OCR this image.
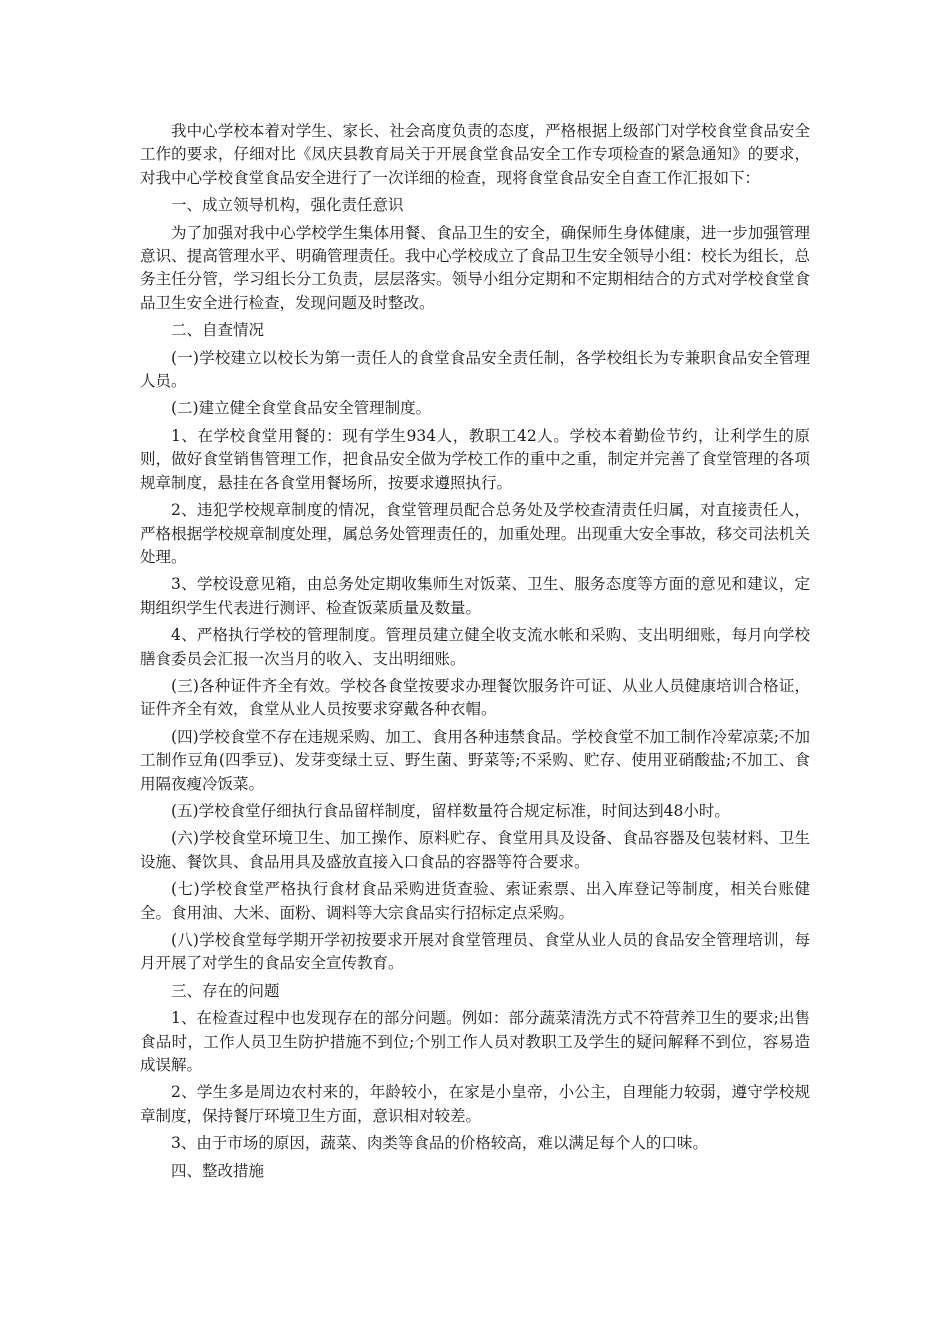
我中心学校本着对学生、家长、社会高度负责的态度，严格根据上级部门对学校食堂食品安全工作的要求，仔细对比《凤庆县教育局关于开展食堂食品安全工作专项检查的紧急通知》的要求，对我中心学校食堂食品安全进行了一次详细的检查，现将食堂食品安全自查工作汇报如下：

一、成立领导机构，强化责任意识

为了加强对我中心学校学生集体用餐、食品卫生的安全，确保师生身体健康，进一步加强管理意识、提高管理水平、明确管理责任。我中心学校成立了食品卫生安全领导小组：校长为组长，总务主任分管，学习组长分工负责，层层落实。领导小组分定期和不定期相结合的方式对学校食堂食品卫生安全进行检查，发现问题及时整改。

二、自查情况

(一)学校建立以校长为第一责任人的食堂食品安全责任制，各学校组长为专兼职食品安全管理人员。

(二)建立健全食堂食品安全管理制度。

1、在学校食堂用餐的：现有学生934人，教职工42人。学校本着勤俭节约，让利学生的原则，做好食堂销售管理工作，把食品安全做为学校工作的重中之重，制定并完善了食堂管理的各项规章制度，悬挂在各食堂用餐场所，按要求遵照执行。

2、违犯学校规章制度的情况，食堂管理员配合总务处及学校查清责任归属，对直接责任人，严格根据学校规章制度处理，属总务处管理责任的，加重处理。出现重大安全事故，移交司法机关处理。

3、学校设意见箱，由总务处定期收集师生对饭菜、卫生、服务态度等方面的意见和建议，定期组织学生代表进行测评、检查饭菜质量及数量。

4、严格执行学校的管理制度。管理员建立健全收支流水帐和采购、支出明细账，每月向学校膳食委员会汇报一次当月的收入、支出明细账。

(三)各种证件齐全有效。学校各食堂按要求办理餐饮服务许可证、从业人员健康培训合格证，证件齐全有效，食堂从业人员按要求穿戴各种衣帽。

(四)学校食堂不存在违规采购、加工、食用各种违禁食品。学校食堂不加工制作冷荤凉菜;不加工制作豆角(四季豆)、发芽变绿土豆、野生菌、野菜等;不采购、贮存、使用亚硝酸盐;不加工、食用隔夜瘦冷饭菜。

(五)学校食堂仔细执行食品留样制度，留样数量符合规定标准，时间达到48小时。

(六)学校食堂环境卫生、加工操作、原料贮存、食堂用具及设备、食品容器及包装材料、卫生设施、餐饮具、食品用具及盛放直接入口食品的容器等符合要求。

(七)学校食堂严格执行食材食品采购进货查验、索证索票、出入库登记等制度，相关台账健全。食用油、大米、面粉、调料等大宗食品实行招标定点采购。

(八)学校食堂每学期开学初按要求开展对食堂管理员、食堂从业人员的食品安全管理培训，每月开展了对学生的食品安全宣传教育。

三、存在的问题

1、在检查过程中也发现存在的部分问题。例如：部分蔬菜清洗方式不符营养卫生的要求;出售食品时，工作人员卫生防护措施不到位;个别工作人员对教职工及学生的疑问解释不到位，容易造成误解。

2、学生多是周边农村来的，年龄较小，在家是小皇帝，小公主，自理能力较弱，遵守学校规章制度，保持餐厅环境卫生方面，意识相对较差。

3、由于市场的原因，蔬菜、肉类等食品的价格较高，难以满足每个人的口味。

四、整改措施
